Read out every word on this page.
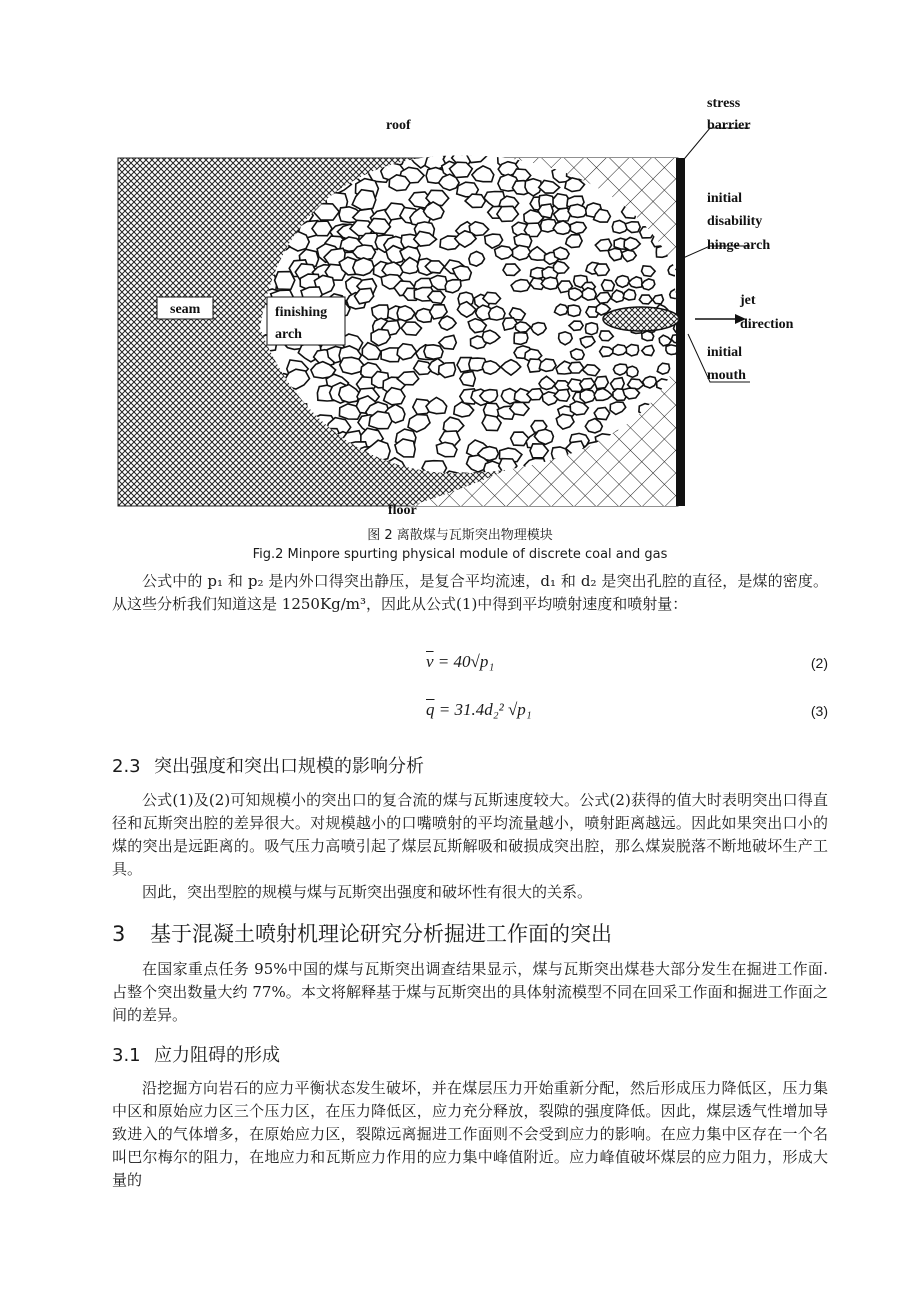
roof
floor
stress
barrier
initial
disability
hinge arch
seam	finishing
arch
jet
direction
initial
mouth
图 2 离散煤与瓦斯突出物理模块
Fig.2 Minpore spurting physical module of discrete coal and gas

公式中的 p₁ 和 p₂ 是内外口得突出静压，是复合平均流速，d₁ 和 d₂ 是突出孔腔的直径，是煤的密度。从这些分析我们知道这是 1250Kg/m³，因此从公式(1)中得到平均喷射速度和喷射量：

$\overline{v} = 40√p_1$	(2)
$\overline{q} = 31.4d_2^2$ √p₁	(3)
2.3 突出强度和突出口规模的影响分析

公式(1)及(2)可知规模小的突出口的复合流的煤与瓦斯速度较大。公式(2)获得的值大时表明突出口得直径和瓦斯突出腔的差异很大。对规模越小的口嘴喷射的平均流量越小，喷射距离越远。因此如果突出口小的煤的突出是远距离的。吸气压力高喷引起了煤层瓦斯解吸和破损成突出腔，那么煤炭脱落不断地破坏生产工具。

因此，突出型腔的规模与煤与瓦斯突出强度和破坏性有很大的关系。

3 基于混凝土喷射机理论研究分析掘进工作面的突出

在国家重点任务 95%中国的煤与瓦斯突出调查结果显示，煤与瓦斯突出煤巷大部分发生在掘进工作面.占整个突出数量大约 77%。本文将解释基于煤与瓦斯突出的具体射流模型不同在回采工作面和掘进工作面之间的差异。

3.1 应力阻碍的形成

沿挖掘方向岩石的应力平衡状态发生破坏，并在煤层压力开始重新分配，然后形成压力降低区，压力集中区和原始应力区三个压力区，在压力降低区，应力充分释放，裂隙的强度降低。因此，煤层透气性增加导致进入的气体增多，在原始应力区，裂隙远离掘进工作面则不会受到应力的影响。在应力集中区存在一个名叫巴尔梅尔的阻力，在地应力和瓦斯应力作用的应力集中峰值附近。应力峰值破坏煤层的应力阻力，形成大量的
